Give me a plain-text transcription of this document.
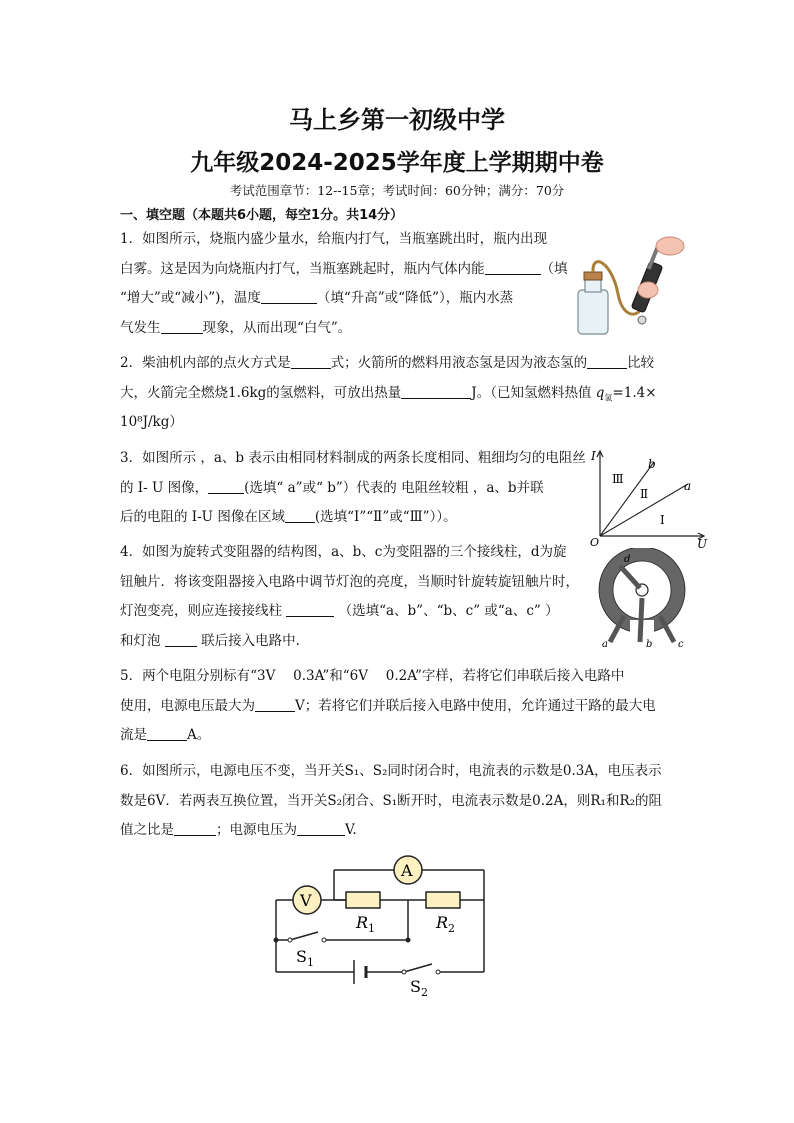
马上乡第一初级中学
九年级2024-2025学年度上学期期中卷
考试范围章节：12--15章；考试时间：60分钟；满分：70分
一、填空题（本题共6小题，每空1分。共14分）
1．如图所示，烧瓶内盛少量水，给瓶内打气，当瓶塞跳出时，瓶内出现
白雾。这是因为向烧瓶内打气，当瓶塞跳起时，瓶内气体内能	（填
“增大”或“减小”)，温度	（填“升高”或“降低”），瓶内水蒸
气发生	现象，从而出现“白气”。
2．柴油机内部的点火方式是	式；火箭所的燃料用液态氢是因为液态氢的	比较
大，火箭完全燃烧1.6kg的氢燃料，可放出热量	J。（已知氢燃料热值 $q_氢=1.4\times$
10⁸J/kg）
3．如图所示 ，a、b 表示由相同材料制成的两条长度相同、粗细均匀的电阻丝
的 I- U 图像，	(选填“ a”或“ b”）代表的 电阻丝较粗 ，a、b并联
后的电阻的 I-U 图像在区域 (选填“Ⅰ”“Ⅱ”或“Ⅲ”））。
I
U
O
b
a
Ⅲ
Ⅱ
Ⅰ
4．如图为旋转式变阻器的结构图，a、b、c为变阻器的三个接线柱，d为旋
钮触片．将该变阻器接入电路中调节灯泡的亮度，当顺时针旋转旋钮触片时，
灯泡变亮，则应连接接线柱	（选填“a、b”、“b、c” 或“a、c” ）
和灯泡	联后接入电路中.
d
a	b	c
5．两个电阻分别标有“3V　 0.3A”和“6V　 0.2A”字样，若将它们串联后接入电路中
使用，电源电压最大为	V；若将它们并联后接入电路中使用，允许通过干路的最大电
流是	A。
6．如图所示，电源电压不变，当开关S₁、S₂同时闭合时，电流表的示数是0.3A，电压表示
数是6V．若两表互换位置，当开关S₂闭合、S₁断开时，电流表示数是0.2A，则R₁和R₂的阻
值之比是	；电源电压为	V.
V
A
$R_1$	$R_2$
$S_1$
$S_2$
